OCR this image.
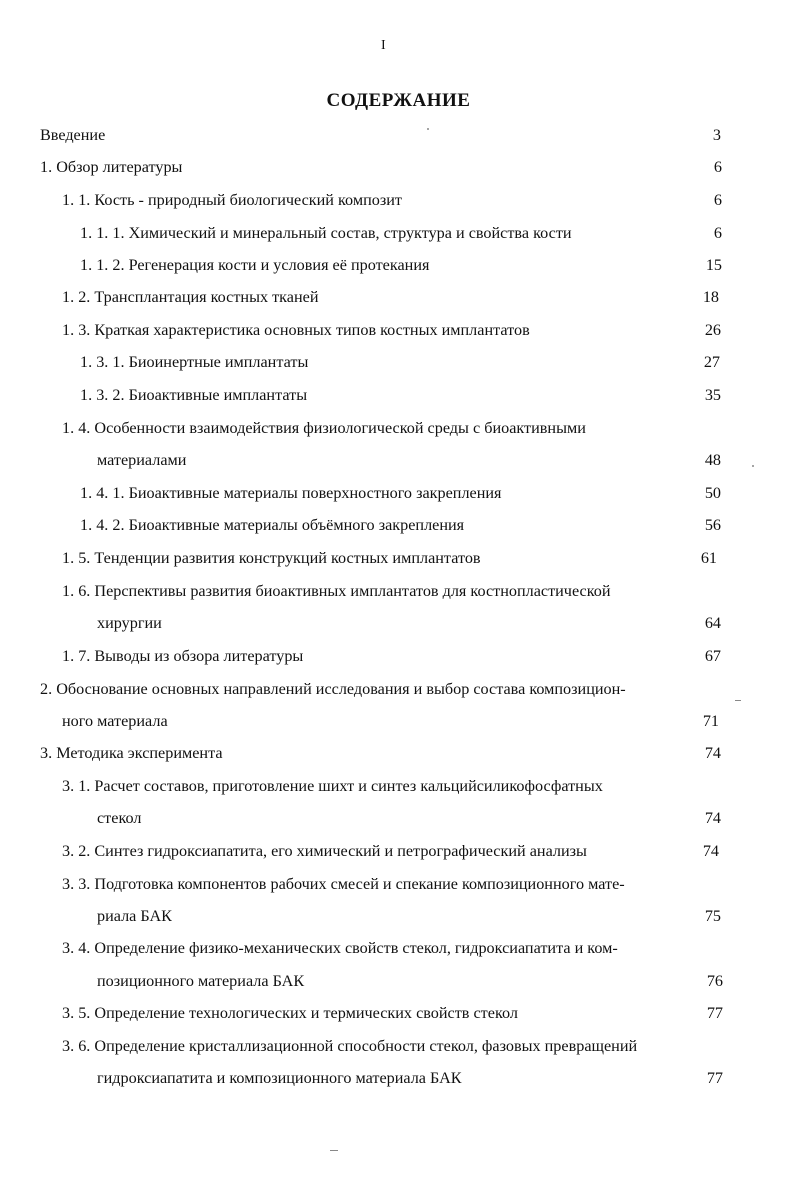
I
СОДЕРЖАНИЕ
Введение	3
1. Обзор литературы	6
1. 1. Кость - природный биологический композит	6
1. 1. 1. Химический и минеральный состав, структура и свойства кости	6
1. 1. 2. Регенерация кости и условия её протекания	15
1. 2. Трансплантация костных тканей	18
1. 3. Краткая характеристика основных типов костных имплантатов	26
1. 3. 1. Биоинертные имплантаты	27
1. 3. 2. Биоактивные имплантаты	35
1. 4. Особенности взаимодействия физиологической среды с биоактивными
материалами	48
1. 4. 1. Биоактивные материалы поверхностного закрепления	50
1. 4. 2. Биоактивные материалы объёмного закрепления	56
1. 5. Тенденции развития конструкций костных имплантатов	61
1. 6. Перспективы развития биоактивных имплантатов для костнопластической
хирургии	64
1. 7. Выводы из обзора литературы	67
2. Обоснование основных направлений исследования и выбор состава композицион-
ного материала	71
3. Методика эксперимента	74
3. 1. Расчет составов, приготовление шихт и синтез кальцийсиликофосфатных
стекол	74
3. 2. Синтез гидроксиапатита, его химический и петрографический анализы	74
3. 3. Подготовка компонентов рабочих смесей и спекание композиционного мате-
риала БАК	75
3. 4. Определение физико-механических свойств стекол, гидроксиапатита и ком-
позиционного материала БАК	76
3. 5. Определение технологических и термических свойств стекол	77
3. 6. Определение кристаллизационной способности стекол, фазовых превращений
гидроксиапатита и композиционного материала БАК	77
